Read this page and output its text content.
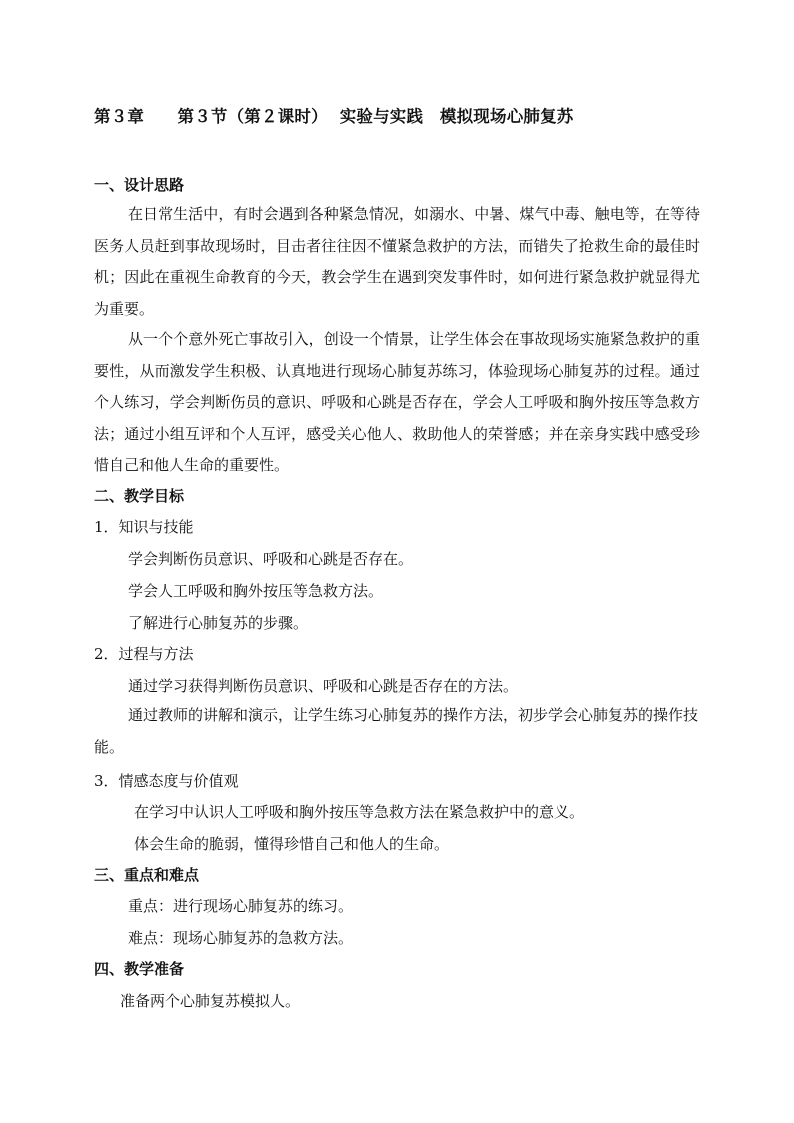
第３章　　第３节（第２课时）  实验与实践　模拟现场心肺复苏
一、设计思路
在日常生活中，有时会遇到各种紧急情况，如溺水、中暑、煤气中毒、触电等，在等待医务人员赶到事故现场时，目击者往往因不懂紧急救护的方法，而错失了抢救生命的最佳时机；因此在重视生命教育的今天，教会学生在遇到突发事件时，如何进行紧急救护就显得尤为重要。
从一个个意外死亡事故引入，创设一个情景，让学生体会在事故现场实施紧急救护的重要性，从而激发学生积极、认真地进行现场心肺复苏练习，体验现场心肺复苏的过程。通过个人练习，学会判断伤员的意识、呼吸和心跳是否存在，学会人工呼吸和胸外按压等急救方法；通过小组互评和个人互评，感受关心他人、救助他人的荣誉感；并在亲身实践中感受珍惜自己和他人生命的重要性。
二、教学目标
1．知识与技能
学会判断伤员意识、呼吸和心跳是否存在。
学会人工呼吸和胸外按压等急救方法。
了解进行心肺复苏的步骤。
2．过程与方法
通过学习获得判断伤员意识、呼吸和心跳是否存在的方法。
通过教师的讲解和演示，让学生练习心肺复苏的操作方法，初步学会心肺复苏的操作技能。
3．情感态度与价值观
在学习中认识人工呼吸和胸外按压等急救方法在紧急救护中的意义。
体会生命的脆弱，懂得珍惜自己和他人的生命。
三、重点和难点
重点：进行现场心肺复苏的练习。
难点：现场心肺复苏的急救方法。
四、教学准备
准备两个心肺复苏模拟人。
